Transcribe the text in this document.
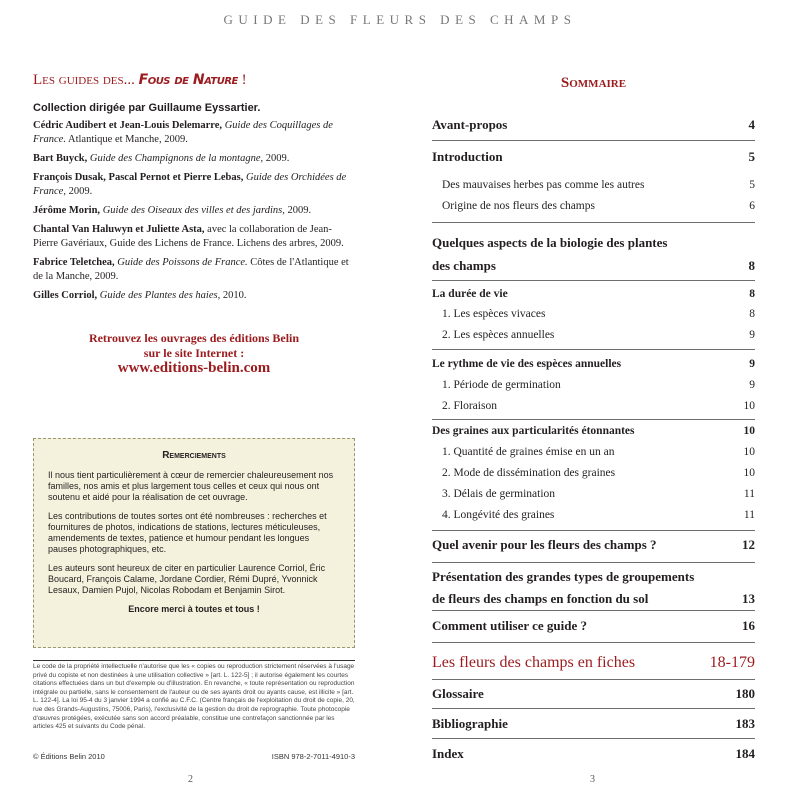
GUIDE DES FLEURS DES CHAMPS
Les guides des... Fous de Nature !
Collection dirigée par Guillaume Eyssartier.
Cédric Audibert et Jean-Louis Delemarre, Guide des Coquillages de France. Atlantique et Manche, 2009.
Bart Buyck, Guide des Champignons de la montagne, 2009.
François Dusak, Pascal Pernot et Pierre Lebas, Guide des Orchidées de France, 2009.
Jérôme Morin, Guide des Oiseaux des villes et des jardins, 2009.
Chantal Van Haluwyn et Juliette Asta, avec la collaboration de Jean-Pierre Gavériaux, Guide des Lichens de France. Lichens des arbres, 2009.
Fabrice Teletchea, Guide des Poissons de France. Côtes de l'Atlantique et de la Manche, 2009.
Gilles Corriol, Guide des Plantes des haies, 2010.
Retrouvez les ouvrages des éditions Belin
sur le site Internet :
www.editions-belin.com
Remerciements

Il nous tient particulièrement à cœur de remercier chaleureusement nos familles, nos amis et plus largement tous celles et ceux qui nous ont soutenu et aidé pour la réalisation de cet ouvrage.

Les contributions de toutes sortes ont été nombreuses : recherches et fournitures de photos, indications de stations, lectures méticuleuses, amendements de textes, patience et humour pendant les longues pauses photographiques, etc.

Les auteurs sont heureux de citer en particulier Laurence Corriol, Éric Boucard, François Calame, Jordane Cordier, Rémi Dupré, Yvonnick Lesaux, Damien Pujol, Nicolas Robodam et Benjamin Sirot.

Encore merci à toutes et tous !
Le code de la propriété intellectuelle n'autorise que les « copies ou reproduction strictement réservées à l'usage privé du copiste et non destinées à une utilisation collective » [art. L. 122-5] ; il autorise également les courtes citations effectuées dans un but d'exemple ou d'illustration. En revanche, « toute représentation ou reproduction intégrale ou partielle, sans le consentement de l'auteur ou de ses ayants droit ou ayants cause, est illicite » [art. L. 122-4]. La loi 95-4 du 3 janvier 1994 a confié au C.F.C. (Centre français de l'exploitation du droit de copie, 20, rue des Grands-Augustins, 75006, Paris), l'exclusivité de la gestion du droit de reprographie. Toute photocopie d'œuvres protégées, exécutée sans son accord préalable, constitue une contrefaçon sanctionnée par les articles 425 et suivants du Code pénal.
© Éditions Belin 2010	ISBN 978-2-7011-4910-3
2
Sommaire
Avant-propos	4
Introduction	5
Des mauvaises herbes pas comme les autres	5
Origine de nos fleurs des champs	6
Quelques aspects de la biologie des plantes
des champs	8
La durée de vie	8
1. Les espèces vivaces	8
2. Les espèces annuelles	9
Le rythme de vie des espèces annuelles	9
1. Période de germination	9
2. Floraison	10
Des graines aux particularités étonnantes	10
1. Quantité de graines émise en un an	10
2. Mode de dissémination des graines	10
3. Délais de germination	11
4. Longévité des graines	11
Quel avenir pour les fleurs des champs ?	12
Présentation des grandes types de groupements
de fleurs des champs en fonction du sol	13
Comment utiliser ce guide ?	16
Les fleurs des champs en fiches	18-179
Glossaire	180
Bibliographie	183
Index	184
3
